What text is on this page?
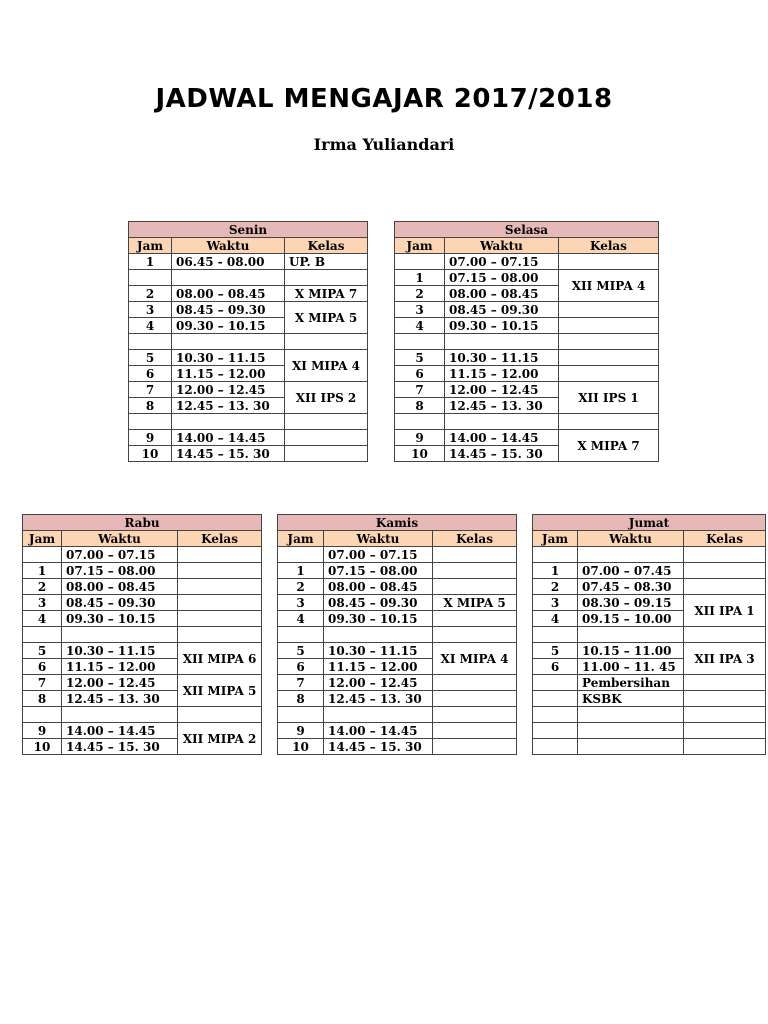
JADWAL MENGAJAR 2017/2018
Irma Yuliandari
Senin		
Jam	Waktu	Kelas
1	06.45 - 08.00	UP. B

2	08.00 – 08.45	X MIPA 7
3	08.45 – 09.30	X MIPA 5
4	09.30 – 10.15	

5	10.30 – 11.15	XI MIPA 4
6	11.15 – 12.00	
7	12.00 – 12.45	XII IPS 2
8	12.45 – 13. 30	

9	14.00 – 14.45	
10	14.45 – 15. 30	
Selasa		
Jam	Waktu	Kelas
	07.00 – 07.15	
1	07.15 – 08.00	XII MIPA 4
2	08.00 – 08.45	
3	08.45 – 09.30	
4	09.30 – 10.15	

5	10.30 – 11.15	
6	11.15 – 12.00	
7	12.00 – 12.45	XII IPS 1
8	12.45 – 13. 30	

9	14.00 – 14.45	X MIPA 7
10	14.45 – 15. 30	
Rabu		
Jam	Waktu	Kelas
	07.00 – 07.15	
1	07.15 – 08.00	
2	08.00 – 08.45	
3	08.45 – 09.30	
4	09.30 – 10.15	

5	10.30 – 11.15	XII MIPA 6
6	11.15 – 12.00	
7	12.00 – 12.45	XII MIPA 5
8	12.45 – 13. 30	

9	14.00 – 14.45	XII MIPA 2
10	14.45 – 15. 30	
Kamis		
Jam	Waktu	Kelas
	07.00 – 07.15	
1	07.15 – 08.00	
2	08.00 – 08.45	
3	08.45 – 09.30	X MIPA 5
4	09.30 – 10.15	

5	10.30 – 11.15	XI MIPA 4
6	11.15 – 12.00	
7	12.00 – 12.45	
8	12.45 – 13. 30	

9	14.00 – 14.45	
10	14.45 – 15. 30	
Jumat		
Jam	Waktu	Kelas

1	07.00 – 07.45	
2	07.45 – 08.30	
3	08.30 – 09.15	XII IPA 1
4	09.15 – 10.00	

5	10.15 – 11.00	XII IPA 3
6	11.00 – 11. 45	
	Pembersihan	
	KSBK	
